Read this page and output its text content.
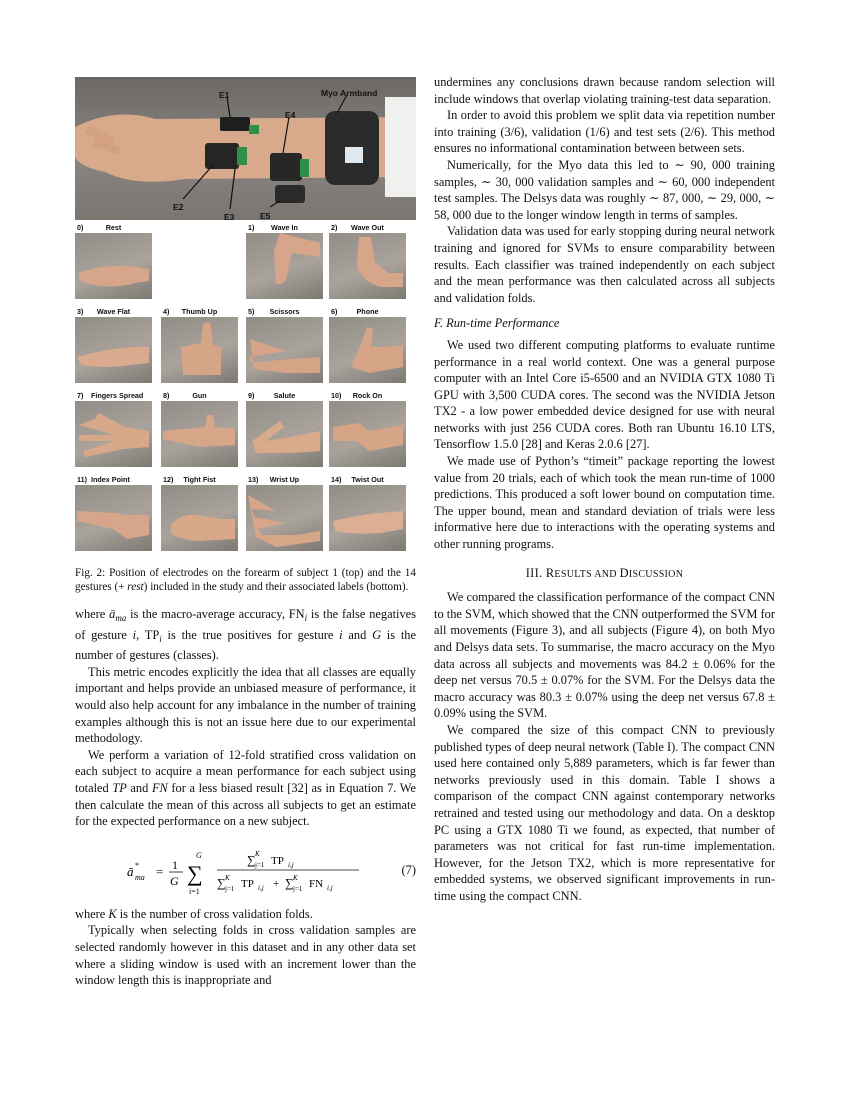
E1
E4
Myo Armband
E2
E3	E5
0)	Rest	1)	Wave In	2)	Wave Out
3)	Wave Flat	4)	Thumb Up	5)	Scissors	6)	Phone
7) Fingers Spread	8)	Gun	9)	Salute	10)	Rock On
11) Index Point	12)	Tight Fist	13)	Wrist Up	14)	Twist Out
Fig. 2: Position of electrodes on the forearm of subject 1 (top) and the 14 gestures (+ rest) included in the study and their associated labels (bottom).

where $ā_{ma}$ is the macro-average accuracy, $FN_i$ is the false negatives of gesture i, $TP_i$ is the true positives for gesture i and G is the number of gestures (classes).

This metric encodes explicitly the idea that all classes are equally important and helps provide an unbiased measure of performance, it would also help account for any imbalance in the number of training examples although this is not an issue here due to our experimental methodology.

We perform a variation of 12-fold stratified cross validation on each subject to acquire a mean performance for each subject using totaled TP and FN for a less biased result [32] as in Equation 7. We then calculate the mean of this across all subjects to get an estimate for the expected performance on a new subject.

ā *
ma = 1
G
G
∑
i=1
∑ K
j=1 TP i,j
∑ K
j=1 TP i,j + ∑ K
j=1 FN i,j
(7)

where K is the number of cross validation folds.

Typically when selecting folds in cross validation samples are selected randomly however in this dataset and in any other data set where a sliding window is used with an increment lower than the window length this is inappropriate and

undermines any conclusions drawn because random selection will include windows that overlap violating training-test data separation.

In order to avoid this problem we split data via repetition number into training (3/6), validation (1/6) and test sets (2/6). This method ensures no informational contamination between between sets.

Numerically, for the Myo data this led to ∼ 90, 000 training samples, ∼ 30, 000 validation samples and ∼ 60, 000 independent test samples. The Delsys data was roughly ∼ 87, 000, ∼ 29, 000, ∼ 58, 000 due to the longer window length in terms of samples.

Validation data was used for early stopping during neural network training and ignored for SVMs to ensure comparability between results. Each classifier was trained independently on each subject and the mean performance was then calculated across all subjects and validation folds.

F. Run-time Performance

We used two different computing platforms to evaluate runtime performance in a real world context. One was a general purpose computer with an Intel Core i5-6500 and an NVIDIA GTX 1080 Ti GPU with 3,500 CUDA cores. The second was the NVIDIA Jetson TX2 - a low power embedded device designed for use with neural networks with just 256 CUDA cores. Both ran Ubuntu 16.10 LTS, Tensorflow 1.5.0 [28] and Keras 2.0.6 [27].

We made use of Python’s “timeit” package reporting the lowest value from 20 trials, each of which took the mean run-time of 1000 predictions. This produced a soft lower bound on computation time. The upper bound, mean and standard deviation of trials were less informative here due to interactions with the operating systems and other running programs.

III. RESULTS AND DISCUSSION

We compared the classification performance of the compact CNN to the SVM, which showed that the CNN outperformed the SVM for all movements (Figure 3), and all subjects (Figure 4), on both Myo and Delsys data sets. To summarise, the macro accuracy on the Myo data across all subjects and movements was 84.2 ± 0.06% for the deep net versus 70.5 ± 0.07% for the SVM. For the Delsys data the macro accuracy was 80.3 ± 0.07% using the deep net versus 67.8 ± 0.09% using the SVM.

We compared the size of this compact CNN to previously published types of deep neural network (Table I). The compact CNN used here contained only 5,889 parameters, which is far fewer than networks previously used in this domain. Table I shows a comparison of the compact CNN against contemporary networks retrained and tested using our methodology and data. On a desktop PC using a GTX 1080 Ti we found, as expected, that number of parameters was not critical for fast run-time implementation. However, for the Jetson TX2, which is more representative for embedded systems, we observed significant improvements in run-time using the compact CNN.
